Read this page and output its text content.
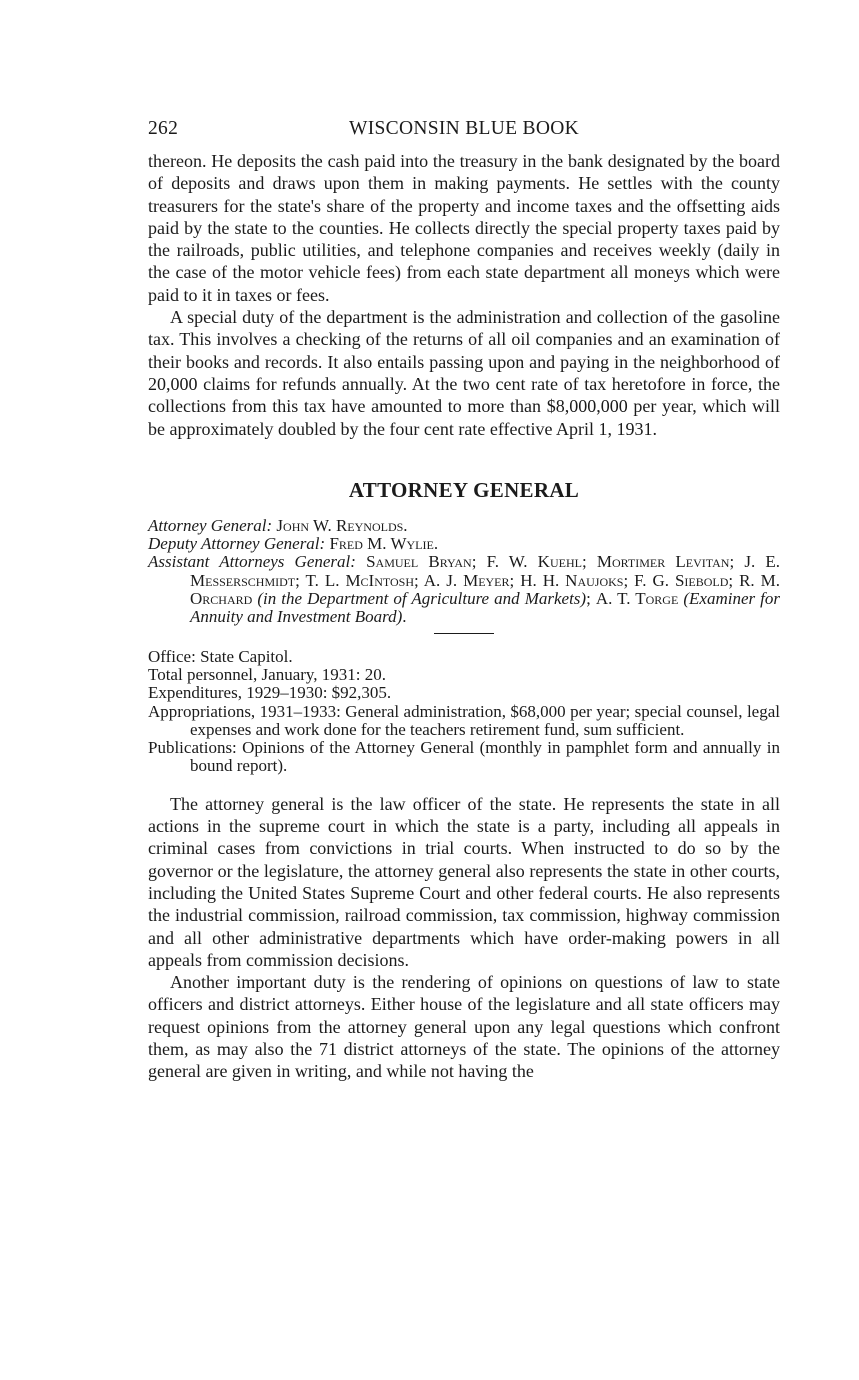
262	WISCONSIN BLUE BOOK

thereon. He deposits the cash paid into the treasury in the bank designated by the board of deposits and draws upon them in making payments. He settles with the county treasurers for the state's share of the property and income taxes and the offsetting aids paid by the state to the counties. He collects directly the special property taxes paid by the railroads, public utilities, and telephone companies and receives weekly (daily in the case of the motor vehicle fees) from each state department all moneys which were paid to it in taxes or fees.

A special duty of the department is the administration and collection of the gasoline tax. This involves a checking of the returns of all oil companies and an examination of their books and records. It also entails passing upon and paying in the neighborhood of 20,000 claims for refunds annually. At the two cent rate of tax heretofore in force, the collections from this tax have amounted to more than $8,000,000 per year, which will be approximately doubled by the four cent rate effective April 1, 1931.

ATTORNEY GENERAL
Attorney General: John W. Reynolds.
Deputy Attorney General: Fred M. Wylie.
Assistant Attorneys General: Samuel Bryan; F. W. Kuehl; Mortimer Levitan; J. E. Messerschmidt; T. L. McIntosh; A. J. Meyer; H. H. Naujoks; F. G. Siebold; R. M. Orchard (in the Department of Agriculture and Markets); A. T. Torge (Examiner for Annuity and Investment Board).
Office: State Capitol.
Total personnel, January, 1931: 20.
Expenditures, 1929–1930: $92,305.
Appropriations, 1931–1933: General administration, $68,000 per year; special counsel, legal expenses and work done for the teachers retirement fund, sum sufficient.
Publications: Opinions of the Attorney General (monthly in pamphlet form and annually in bound report).

The attorney general is the law officer of the state. He represents the state in all actions in the supreme court in which the state is a party, including all appeals in criminal cases from convictions in trial courts. When instructed to do so by the governor or the legislature, the attorney general also represents the state in other courts, including the United States Supreme Court and other federal courts. He also represents the industrial commission, railroad commission, tax commission, highway commission and all other administrative departments which have order-making powers in all appeals from commission decisions.

Another important duty is the rendering of opinions on questions of law to state officers and district attorneys. Either house of the legislature and all state officers may request opinions from the attorney general upon any legal questions which confront them, as may also the 71 district attorneys of the state. The opinions of the attorney general are given in writing, and while not having the
